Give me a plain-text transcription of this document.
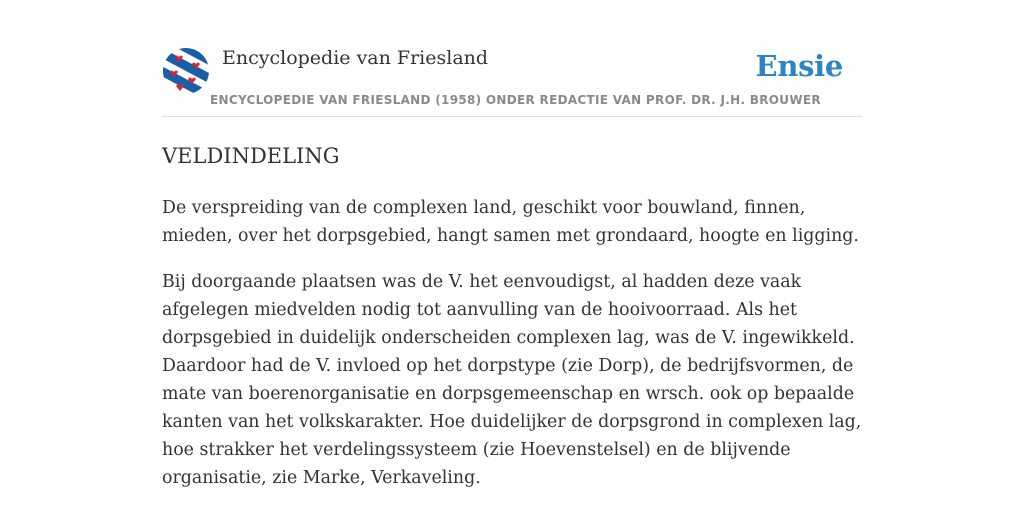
Encyclopedie van Friesland
ENCYCLOPEDIE VAN FRIESLAND (1958) ONDER REDACTIE VAN PROF. DR. J.H. BROUWER
Ensie
VELDINDELING

De verspreiding van de complexen land, geschikt voor bouwland, finnen, mieden, over het dorpsgebied, hangt samen met grondaard, hoogte en ligging.

Bij doorgaande plaatsen was de V. het eenvoudigst, al hadden deze vaak afgelegen miedvelden nodig tot aanvulling van de hooivoorraad. Als het dorpsgebied in duidelijk onderscheiden complexen lag, was de V. ingewikkeld. Daardoor had de V. invloed op het dorpstype (zie Dorp), de bedrijfsvormen, de mate van boerenorganisatie en dorpsgemeenschap en wrsch. ook op bepaalde kanten van het volkskarakter. Hoe duidelijker de dorpsgrond in complexen lag, hoe strakker het verdelingssysteem (zie Hoevenstelsel) en de blijvende organisatie, zie Marke, Verkaveling.
